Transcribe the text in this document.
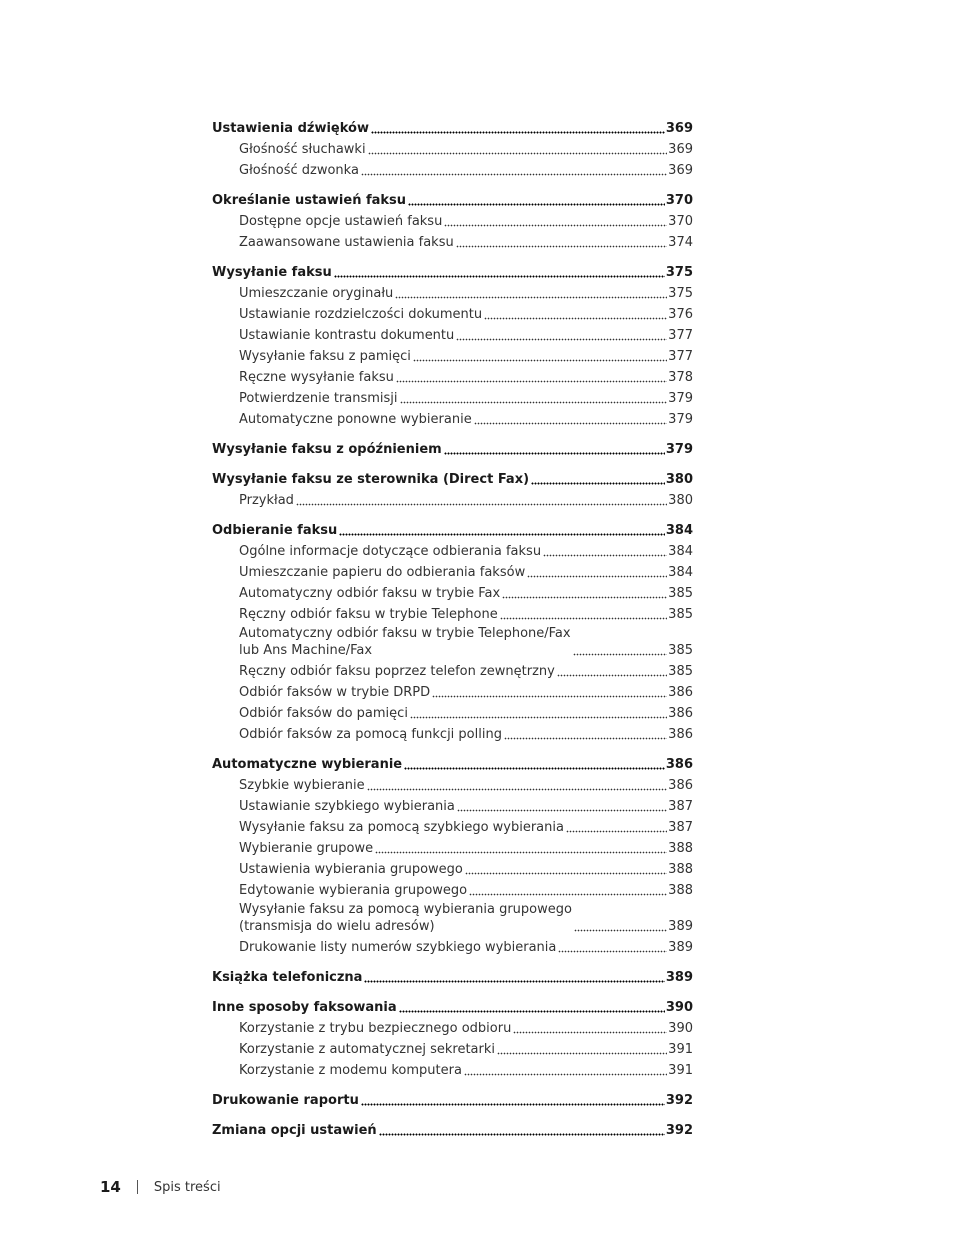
Ustawienia dźwięków	369
Głośność słuchawki	369
Głośność dzwonka	369
Określanie ustawień faksu	370
Dostępne opcje ustawień faksu	370
Zaawansowane ustawienia faksu	374
Wysyłanie faksu	375
Umieszczanie oryginału	375
Ustawianie rozdzielczości dokumentu	376
Ustawianie kontrastu dokumentu	377
Wysyłanie faksu z pamięci	377
Ręczne wysyłanie faksu	378
Potwierdzenie transmisji	379
Automatyczne ponowne wybieranie	379
Wysyłanie faksu z opóźnieniem	379
Wysyłanie faksu ze sterownika (Direct Fax)	380
Przykład	380
Odbieranie faksu	384
Ogólne informacje dotyczące odbierania faksu	384
Umieszczanie papieru do odbierania faksów	384
Automatyczny odbiór faksu w trybie Fax	385
Ręczny odbiór faksu w trybie Telephone	385
Automatyczny odbiór faksu w trybie Telephone/Fax
lub Ans Machine/Fax	385
Ręczny odbiór faksu poprzez telefon zewnętrzny	385
Odbiór faksów w trybie DRPD	386
Odbiór faksów do pamięci	386
Odbiór faksów za pomocą funkcji polling	386
Automatyczne wybieranie	386
Szybkie wybieranie	386
Ustawianie szybkiego wybierania	387
Wysyłanie faksu za pomocą szybkiego wybierania	387
Wybieranie grupowe	388
Ustawienia wybierania grupowego	388
Edytowanie wybierania grupowego	388
Wysyłanie faksu za pomocą wybierania grupowego
(transmisja do wielu adresów)	389
Drukowanie listy numerów szybkiego wybierania	389
Książka telefoniczna	389
Inne sposoby faksowania	390
Korzystanie z trybu bezpiecznego odbioru	390
Korzystanie z automatycznej sekretarki	391
Korzystanie z modemu komputera	391
Drukowanie raportu	392
Zmiana opcji ustawień	392
14	Spis treści
